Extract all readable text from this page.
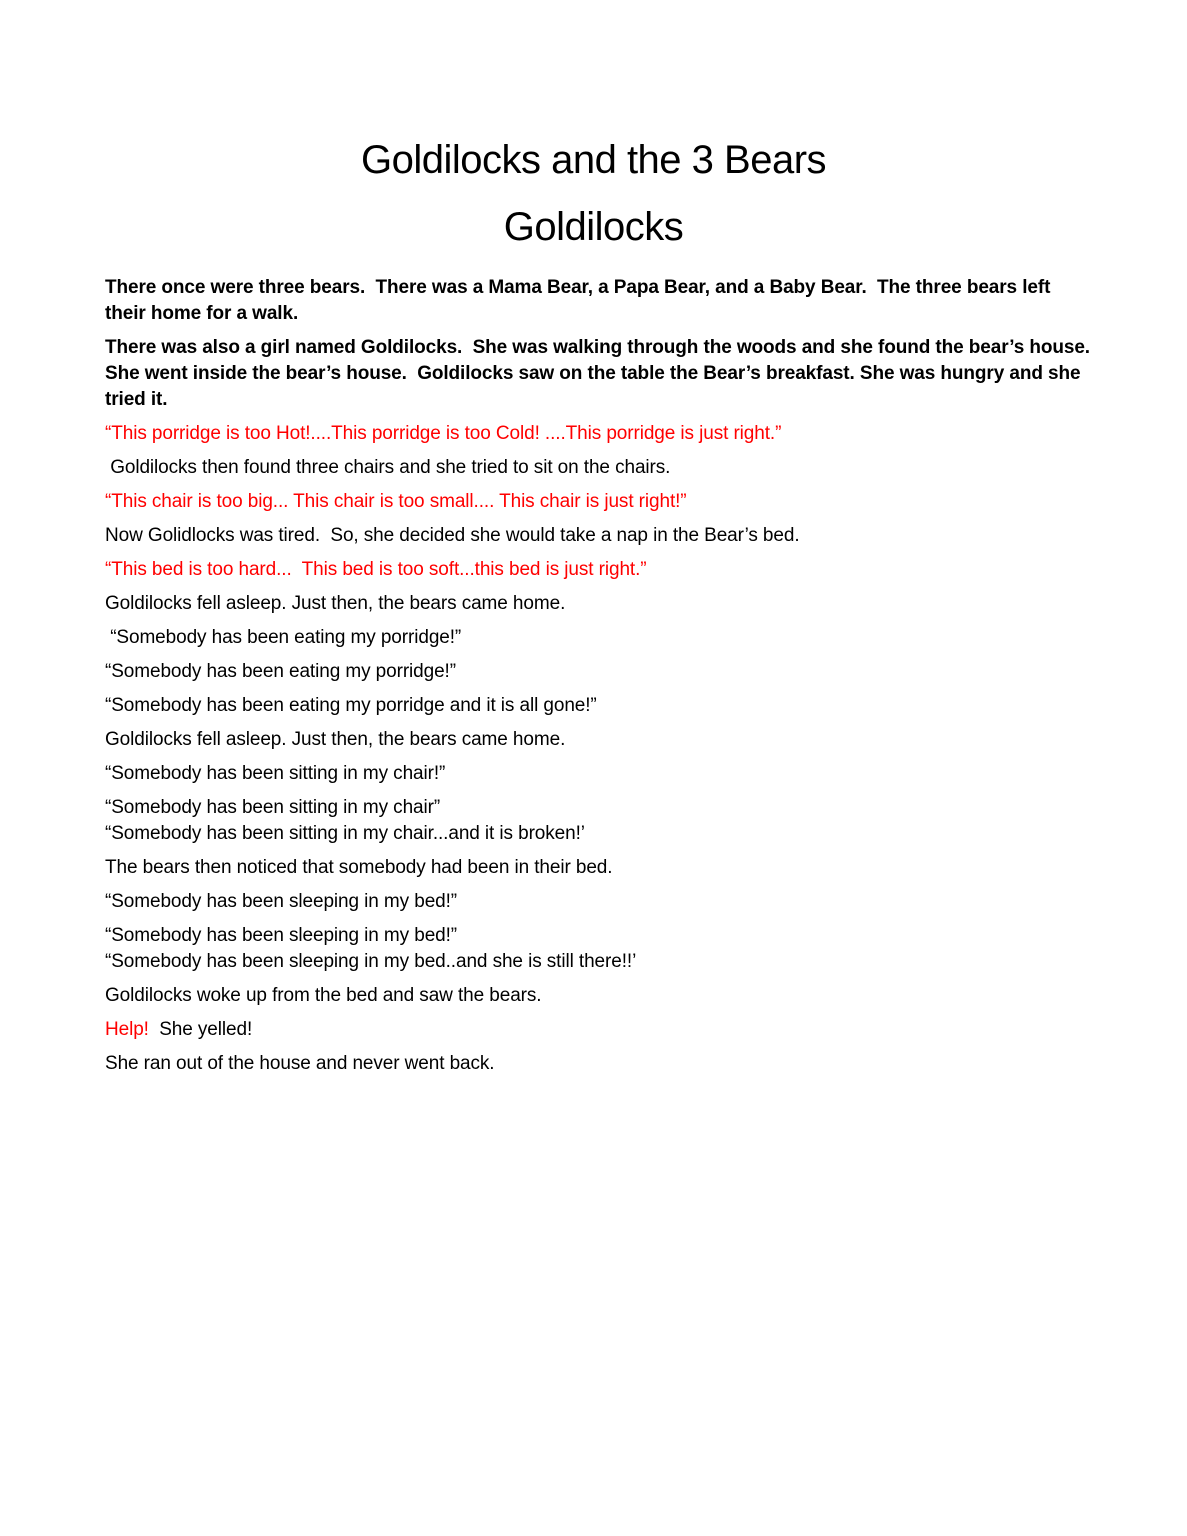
Goldilocks and the 3 Bears
Goldilocks

There once were three bears.  There was a Mama Bear, a Papa Bear, and a Baby Bear.  The three bears left their home for a walk.

There was also a girl named Goldilocks.  She was walking through the woods and she found the bear’s house.  She went inside the bear’s house.  Goldilocks saw on the table the Bear’s breakfast. She was hungry and she tried it.

“This porridge is too Hot!....This porridge is too Cold! ....This porridge is just right.”

Goldilocks then found three chairs and she tried to sit on the chairs.

“This chair is too big... This chair is too small.... This chair is just right!”

Now Golidlocks was tired.  So, she decided she would take a nap in the Bear’s bed.

“This bed is too hard...  This bed is too soft...this bed is just right.”

Goldilocks fell asleep. Just then, the bears came home.

“Somebody has been eating my porridge!”

“Somebody has been eating my porridge!”

“Somebody has been eating my porridge and it is all gone!”

Goldilocks fell asleep. Just then, the bears came home.

“Somebody has been sitting in my chair!”

“Somebody has been sitting in my chair”
“Somebody has been sitting in my chair...and it is broken!’

The bears then noticed that somebody had been in their bed.

“Somebody has been sleeping in my bed!”

“Somebody has been sleeping in my bed!”
“Somebody has been sleeping in my bed..and she is still there!!’

Goldilocks woke up from the bed and saw the bears.

Help!  She yelled!

She ran out of the house and never went back.
